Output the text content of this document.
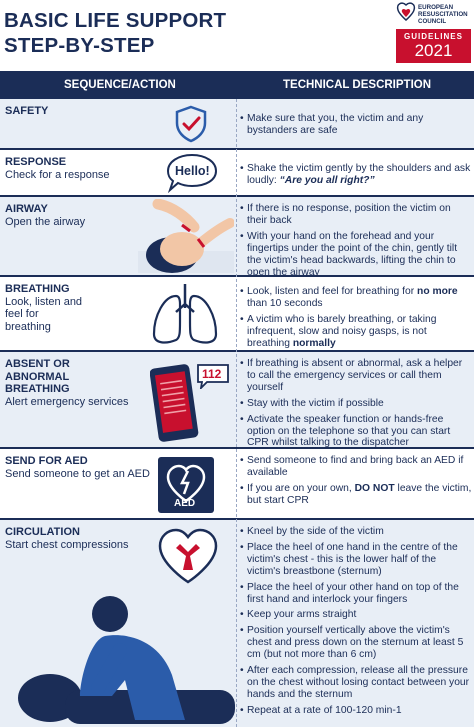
BASIC LIFE SUPPORT
STEP-BY-STEP
EUROPEAN
RESUSCITATION
COUNCIL
GUIDELINES
2021
SEQUENCE/ACTION	TECHNICAL DESCRIPTION
SAFETY
• Make sure that you, the victim and any bystanders are safe
RESPONSE
Check for a response	Hello!
•	Shake the victim gently by the shoulders and ask loudly: “Are you all right?”
AIRWAY
Open the airway
• If there is no response, position the victim on their back
• With your hand on the forehead and your fingertips under the point of the chin, gently tilt the victim's head backwards, lifting the chin to open the airway
BREATHING
Look, listen and feel for breathing
• Look, listen and feel for breathing for no more than 10 seconds
• A victim who is barely breathing, or taking infrequent, slow and noisy gasps, is not breathing normally
ABSENT OR ABNORMAL BREATHING
Alert emergency services
112
• If breathing is absent or abnormal, ask a helper to call the emergency services or call them yourself
• Stay with the victim if possible
• Activate the speaker function or hands-free option on the telephone so that you can start CPR whilst talking to the dispatcher
SEND FOR AED
Send someone to get an AED
AED
• Send someone to find and bring back an AED if available
• If you are on your own, DO NOT leave the victim, but start CPR
CIRCULATION
Start chest compressions
• Kneel by the side of the victim
• Place the heel of one hand in the centre of the victim's chest - this is the lower half of the victim's breastbone (sternum)
• Place the heel of your other hand on top of the first hand and interlock your fingers
• Keep your arms straight
• Position yourself vertically above the victim's chest and press down on the sternum at least 5 cm (but not more than 6 cm)
• After each compression, release all the pressure on the chest without losing contact between your hands and the sternum
• Repeat at a rate of 100-120 min-1
